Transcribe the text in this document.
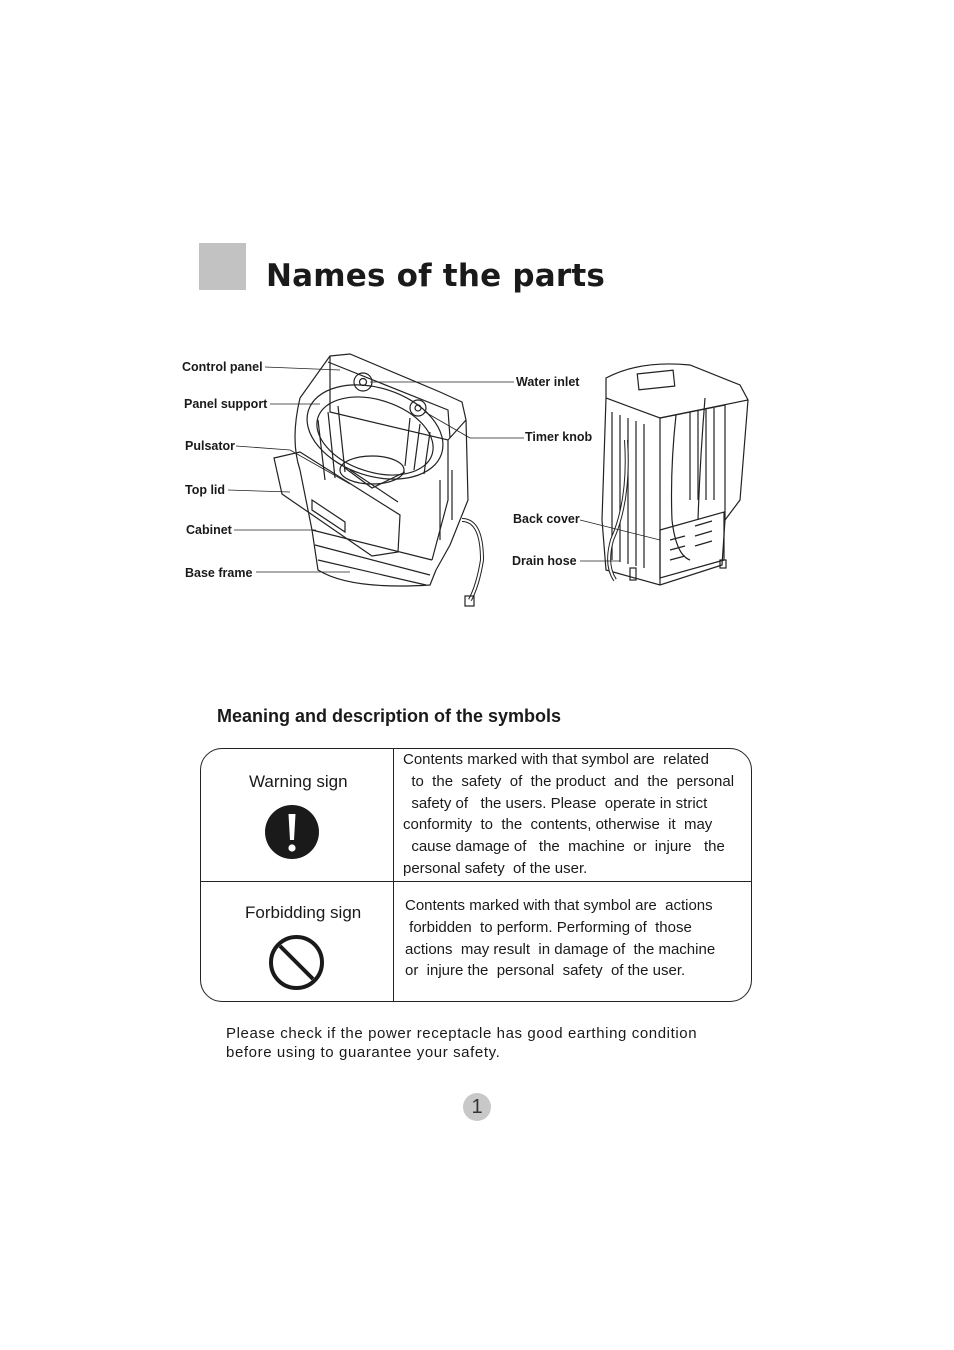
Names of the parts
Control panel
Panel support
Pulsator
Top lid
Cabinet
Base frame
Water inlet
Timer knob
Back cover
Drain hose
Meaning and description of the symbols
Warning sign
Contents marked with that symbol are  related
to  the  safety  of  the product  and  the  personal
safety of   the users. Please  operate in strict
conformity  to  the  contents, otherwise  it  may
cause damage of   the  machine  or  injure   the
personal safety  of the user.
Forbidding sign	Contents marked with that symbol are  actions
forbidden  to perform. Performing of  those
actions  may result  in damage of  the machine
or  injure the  personal  safety  of the user.
Please check if the power receptacle has good earthing condition before using to guarantee your safety.
1
